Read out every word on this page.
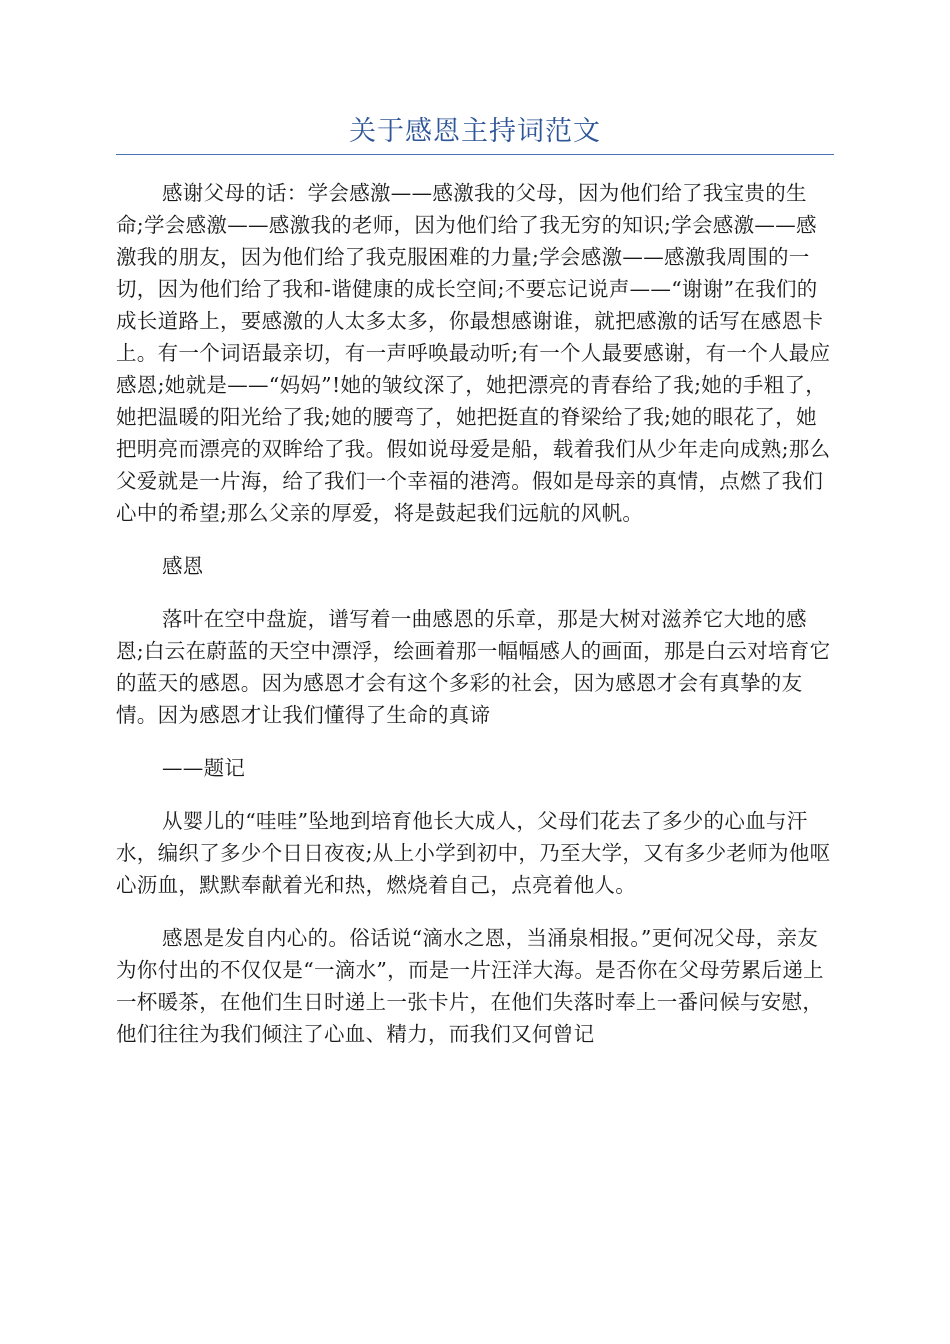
关于感恩主持词范文

感谢父母的话：学会感激——感激我的父母，因为他们给了我宝贵的生命;学会感激——感激我的老师，因为他们给了我无穷的知识;学会感激——感激我的朋友，因为他们给了我克服困难的力量;学会感激——感激我周围的一切，因为他们给了我和-谐健康的成长空间;不要忘记说声——“谢谢”在我们的成长道路上，要感激的人太多太多，你最想感谢谁，就把感激的话写在感恩卡上。有一个词语最亲切，有一声呼唤最动听;有一个人最要感谢，有一个人最应感恩;她就是——“妈妈”!她的皱纹深了，她把漂亮的青春给了我;她的手粗了，她把温暖的阳光给了我;她的腰弯了，她把挺直的脊梁给了我;她的眼花了，她把明亮而漂亮的双眸给了我。假如说母爱是船，载着我们从少年走向成熟;那么父爱就是一片海，给了我们一个幸福的港湾。假如是母亲的真情，点燃了我们心中的希望;那么父亲的厚爱，将是鼓起我们远航的风帆。

感恩

落叶在空中盘旋，谱写着一曲感恩的乐章，那是大树对滋养它大地的感恩;白云在蔚蓝的天空中漂浮，绘画着那一幅幅感人的画面，那是白云对培育它的蓝天的感恩。因为感恩才会有这个多彩的社会，因为感恩才会有真挚的友情。因为感恩才让我们懂得了生命的真谛

——题记

从婴儿的“哇哇”坠地到培育他长大成人，父母们花去了多少的心血与汗水，编织了多少个日日夜夜;从上小学到初中，乃至大学，又有多少老师为他呕心沥血，默默奉献着光和热，燃烧着自己，点亮着他人。

感恩是发自内心的。俗话说“滴水之恩，当涌泉相报。”更何况父母，亲友为你付出的不仅仅是“一滴水”，而是一片汪洋大海。是否你在父母劳累后递上一杯暖茶，在他们生日时递上一张卡片，在他们失落时奉上一番问候与安慰，他们往往为我们倾注了心血、精力，而我们又何曾记
